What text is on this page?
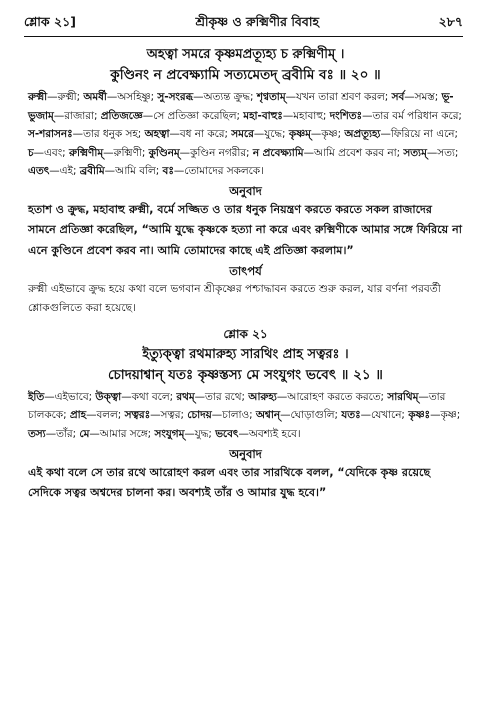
শ্লোক ২১]	শ্রীকৃষ্ণ ও রুক্মিণীর বিবাহ	২৮৭
অহত্বা সমরে কৃষ্ণমপ্রত্যূহ্য চ রুক্মিণীম্ ।
কুণ্ডিনং ন প্রবেক্ষ্যামি সত্যমেতদ্ ব্রবীমি বঃ ॥ ২০ ॥
রুক্মী—রুক্মী; অমর্ষী—অসহিষ্ণু; সু-সংরব্ধ—অত্যন্ত ক্রুদ্ধ; শৃণ্বতাম্—যখন তারা শ্রবণ করল; সর্ব—সমস্ত; ভূ-ভুজাম্—রাজারা; প্রতিজজ্ঞে—সে প্রতিজ্ঞা করেছিল; মহা-বাহুঃ—মহাবাহু; দংশিতঃ—তার বর্ম পরিধান করে; স-শরাসনঃ—তার ধনুক সহ; অহত্বা—বধ না করে; সমরে—যুদ্ধে; কৃষ্ণম্—কৃষ্ণ; অপ্রত্যূহ্য—ফিরিয়ে না এনে; চ—এবং; রুক্মিণীম্—রুক্মিণী; কুণ্ডিনম্—কুণ্ডিন নগরীর; ন প্রবেক্ষ্যামি—আমি প্রবেশ করব না; সত্যম্—সত্য; এতৎ—এই; ব্রবীমি—আমি বলি; বঃ—তোমাদের সকলকে।
অনুবাদ
হতাশ ও ক্রুদ্ধ, মহাবাহু রুক্মী, বর্মে সজ্জিত ও তার ধনুক নিয়ন্ত্রণ করতে করতে সকল রাজাদের সামনে প্রতিজ্ঞা করেছিল, “আমি যুদ্ধে কৃষ্ণকে হত্যা না করে এবং রুক্মিণীকে আমার সঙ্গে ফিরিয়ে না এনে কুণ্ডিনে প্রবেশ করব না। আমি তোমাদের কাছে এই প্রতিজ্ঞা করলাম।”
তাৎপর্য
রুক্মী এইভাবে ক্রুদ্ধ হয়ে কথা বলে ভগবান শ্রীকৃষ্ণের পশ্চাদ্ধাবন করতে শুরু করল, যার বর্ণনা পরবর্তী শ্লোকগুলিতে করা হয়েছে।
শ্লোক ২১
ইত্যুক্ত্বা রথমারুহ্য সারথিং প্রাহ সত্বরঃ ।
চোদয়াশ্বান্ যতঃ কৃষ্ণস্তস্য মে সংযুগং ভবেৎ ॥ ২১ ॥
ইতি—এইভাবে; উক্ত্বা—কথা বলে; রথম্—তার রথে; আরুহ্য—আরোহণ করতে করতে; সারথিম্—তার চালককে; প্রাহ—বলল; সত্বরঃ—সত্বর; চোদয়—চালাও; অশ্বান্—ঘোড়াগুলি; যতঃ—যেখানে; কৃষ্ণঃ—কৃষ্ণ; তস্য—তাঁর; মে—আমার সঙ্গে; সংযুগম্—যুদ্ধ; ভবেৎ—অবশ্যই হবে।
অনুবাদ
এই কথা বলে সে তার রথে আরোহণ করল এবং তার সারথিকে বলল, “যেদিকে কৃষ্ণ রয়েছে সেদিকে সত্বর অশ্বদের চালনা কর। অবশ্যই তাঁর ও আমার যুদ্ধ হবে।”
